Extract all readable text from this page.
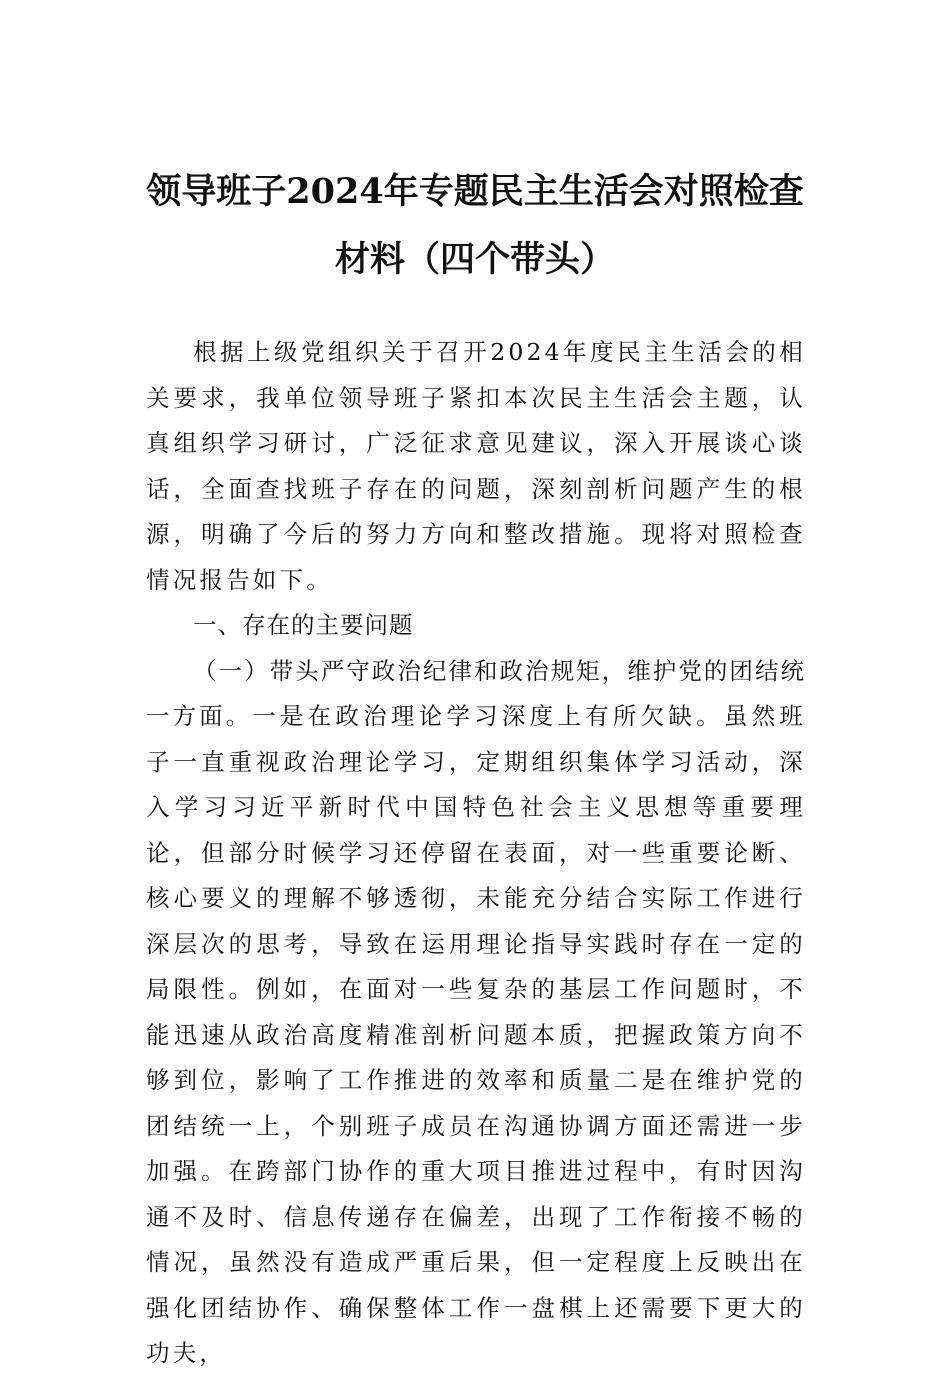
领导班子2024年专题民主生活会对照检查材料（四个带头）

根据上级党组织关于召开2024年度民主生活会的相关要求，我单位领导班子紧扣本次民主生活会主题，认真组织学习研讨，广泛征求意见建议，深入开展谈心谈话，全面查找班子存在的问题，深刻剖析问题产生的根源，明确了今后的努力方向和整改措施。现将对照检查情况报告如下。

一、存在的主要问题

（一）带头严守政治纪律和政治规矩，维护党的团结统一方面。一是在政治理论学习深度上有所欠缺。虽然班子一直重视政治理论学习，定期组织集体学习活动，深入学习习近平新时代中国特色社会主义思想等重要理论，但部分时候学习还停留在表面，对一些重要论断、核心要义的理解不够透彻，未能充分结合实际工作进行深层次的思考，导致在运用理论指导实践时存在一定的局限性。例如，在面对一些复杂的基层工作问题时，不能迅速从政治高度精准剖析问题本质，把握政策方向不够到位，影响了工作推进的效率和质量二是在维护党的团结统一上，个别班子成员在沟通协调方面还需进一步加强。在跨部门协作的重大项目推进过程中，有时因沟通不及时、信息传递存在偏差，出现了工作衔接不畅的情况，虽然没有造成严重后果，但一定程度上反映出在强化团结协作、确保整体工作一盘棋上还需要下更大的功夫，
